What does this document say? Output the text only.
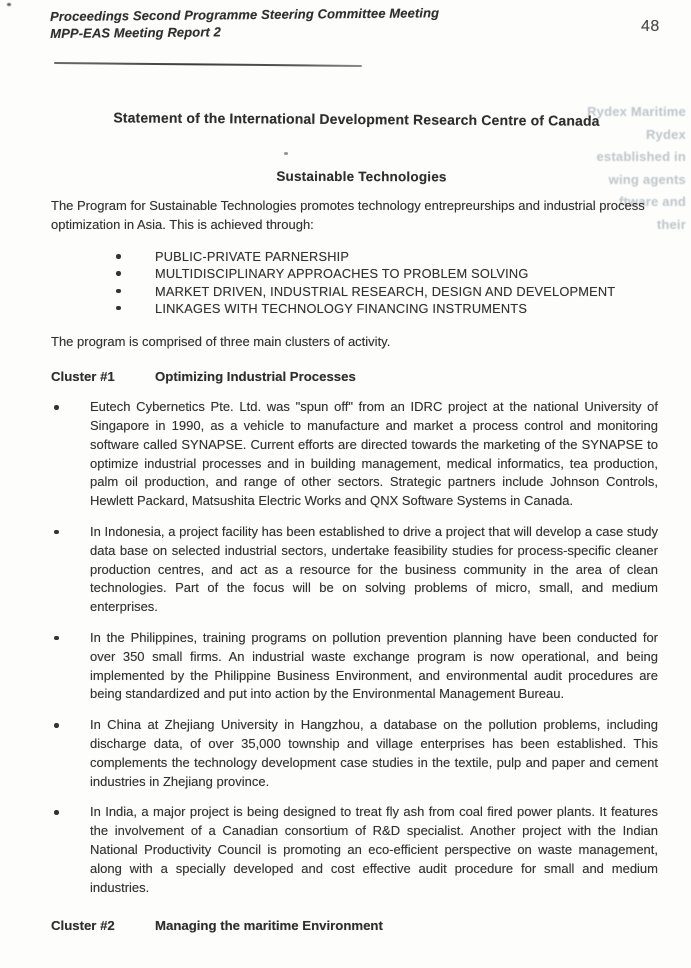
Proceedings Second Programme Steering Committee Meeting
MPP-EAS Meeting Report 2	48
Rydex Maritime
Rydex
established in
wing agents
ftware and
their
Statement of the International Development Research Centre of Canada
Sustainable Technologies

The Program for Sustainable Technologies promotes technology entrepreurships and industrial process optimization in Asia. This is achieved through:

PUBLIC-PRIVATE PARNERSHIP
MULTIDISCIPLINARY APPROACHES TO PROBLEM SOLVING
MARKET DRIVEN, INDUSTRIAL RESEARCH, DESIGN AND DEVELOPMENT
LINKAGES WITH TECHNOLOGY FINANCING INSTRUMENTS

The program is comprised of three main clusters of activity.

Cluster #1	Optimizing Industrial Processes
Eutech Cybernetics Pte. Ltd. was "spun off" from an IDRC project at the national University of Singapore in 1990, as a vehicle to manufacture and market a process control and monitoring software called SYNAPSE. Current efforts are directed towards the marketing of the SYNAPSE to optimize industrial processes and in building management, medical informatics, tea production, palm oil production, and range of other sectors. Strategic partners include Johnson Controls, Hewlett Packard, Matsushita Electric Works and QNX Software Systems in Canada.
In Indonesia, a project facility has been established to drive a project that will develop a case study data base on selected industrial sectors, undertake feasibility studies for process-specific cleaner production centres, and act as a resource for the business community in the area of clean technologies. Part of the focus will be on solving problems of micro, small, and medium enterprises.
In the Philippines, training programs on pollution prevention planning have been conducted for over 350 small firms. An industrial waste exchange program is now operational, and being implemented by the Philippine Business Environment, and environmental audit procedures are being standardized and put into action by the Environmental Management Bureau.
In China at Zhejiang University in Hangzhou, a database on the pollution problems, including discharge data, of over 35,000 township and village enterprises has been established. This complements the technology development case studies in the textile, pulp and paper and cement industries in Zhejiang province.
In India, a major project is being designed to treat fly ash from coal fired power plants. It features the involvement of a Canadian consortium of R&D specialist. Another project with the Indian National Productivity Council is promoting an eco-efficient perspective on waste management, along with a specially developed and cost effective audit procedure for small and medium industries.
Cluster #2	Managing the maritime Environment
